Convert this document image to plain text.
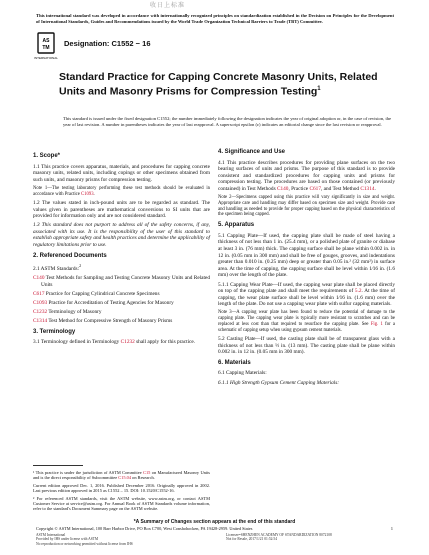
收日上标准
This international standard was developed in accordance with internationally recognized principles on standardization established in the Decision on Principles for the Development of International Standards, Guides and Recommendations issued by the World Trade Organization Technical Barriers to Trade (TBT) Committee.
AS
TM
INTERNATIONAL
Designation: C1552 − 16
Standard Practice for Capping Concrete Masonry Units, Related Units and Masonry Prisms for Compression Testing$^1$
This standard is issued under the fixed designation C1552; the number immediately following the designation indicates the year of original adoption or, in the case of revision, the year of last revision. A number in parentheses indicates the year of last reapproval. A superscript epsilon (ε) indicates an editorial change since the last revision or reapproval.

1. Scope*

1.1 This practice covers apparatus, materials, and procedures for capping concrete masonry units, related units, including copings or other specimens obtained from such units, and masonry prisms for compression testing.

Note 1—The testing laboratory performing these test methods should be evaluated in accordance with Practice C1093.

1.2 The values stated in inch-pound units are to be regarded as standard. The values given in parentheses are mathematical conversions to SI units that are provided for information only and are not considered standard.

1.3 This standard does not purport to address all of the safety concerns, if any, associated with its use. It is the responsibility of the user of this standard to establish appropriate safety and health practices and determine the applicability of regulatory limitations prior to use.

2. Referenced Documents

2.1 ASTM Standards:$^2$

C140 Test Methods for Sampling and Testing Concrete Masonry Units and Related Units

C617 Practice for Capping Cylindrical Concrete Specimens

C1093 Practice for Accreditation of Testing Agencies for Masonry

C1232 Terminology of Masonry

C1314 Test Method for Compressive Strength of Masonry Prisms

3. Terminology

3.1 Terminology defined in Terminology C1232 shall apply for this practice.

¹ This practice is under the jurisdiction of ASTM Committee C15 on Manufactured Masonry Units and is the direct responsibility of Subcommittee C15.04 on Research.

Current edition approved Dec. 1, 2016. Published December 2016. Originally approved in 2002. Last previous edition approved in 2015 as C1552 – 15. DOI: 10.1520/C1552-16.

² For referenced ASTM standards, visit the ASTM website, www.astm.org, or contact ASTM Customer Service at service@astm.org. For Annual Book of ASTM Standards volume information, refer to the standard's Document Summary page on the ASTM website.

4. Significance and Use

4.1 This practice describes procedures for providing plane surfaces on the two bearing surfaces of units and prisms. The purpose of this standard is to provide consistent and standardized procedures for capping units and prisms for compression testing. The procedures are based on those contained (or previously contained) in Test Methods C140, Practice C617, and Test Method C1314.

Note 2—Specimens capped using this practice will vary significantly in size and weight. Appropriate care and handling may differ based on specimen size and weight. Provide care and handling as needed to provide for proper capping based on the physical characteristics of the specimen being capped.

5. Apparatus

5.1 Capping Plate—If used, the capping plate shall be made of steel having a thickness of not less than 1 in. (25.4 mm), or a polished plate of granite or diabase at least 3 in. (76 mm) thick. The capping surface shall be plane within 0.002 in. in 12 in. (0.05 mm in 300 mm) and shall be free of gouges, grooves, and indentations greater than 0.010 in. (0.25 mm) deep or greater than 0.05 in.² (32 mm²) in surface area. At the time of capping, the capping surface shall be level within 1⁄16 in. (1.6 mm) over the length of the plate.

5.1.1 Capping Wear Plate—If used, the capping wear plate shall be placed directly on top of the capping plate and shall meet the requirements of 5.2. At the time of capping, the wear plate surface shall be level within 1⁄16 in. (1.6 mm) over the length of the plate. Do not use a capping wear plate with sulfur capping materials.

Note 3—A capping wear plate has been found to reduce the potential of damage to the capping plate. The capping wear plate is typically more resistant to scratches and can be replaced at less cost than that required to resurface the capping plate. See Fig. 1 for a schematic of capping setup when using gypsum cement materials.

5.2 Casting Plate—If used, the casting plate shall be of transparent glass with a thickness of not less than ½ in. (13 mm). The casting plate shall be plane within 0.002 in. in 12 in. (0.05 mm in 300 mm).

6. Materials

6.1 Capping Materials:

6.1.1 High Strength Gypsum Cement Capping Materials:

*A Summary of Changes section appears at the end of this standard
Copyright © ASTM International, 100 Barr Harbor Drive, PO Box C700, West Conshohocken, PA 19428-2959. United States	1
ASTM International
Provided by IHS under license with ASTM
No reproduction or networking permitted without license from IHS
Licensee=SHENZHEN ACADEMY OF STANDARDIZATION 8072108
Not for Resale, 2017/1/21 01:52:54
